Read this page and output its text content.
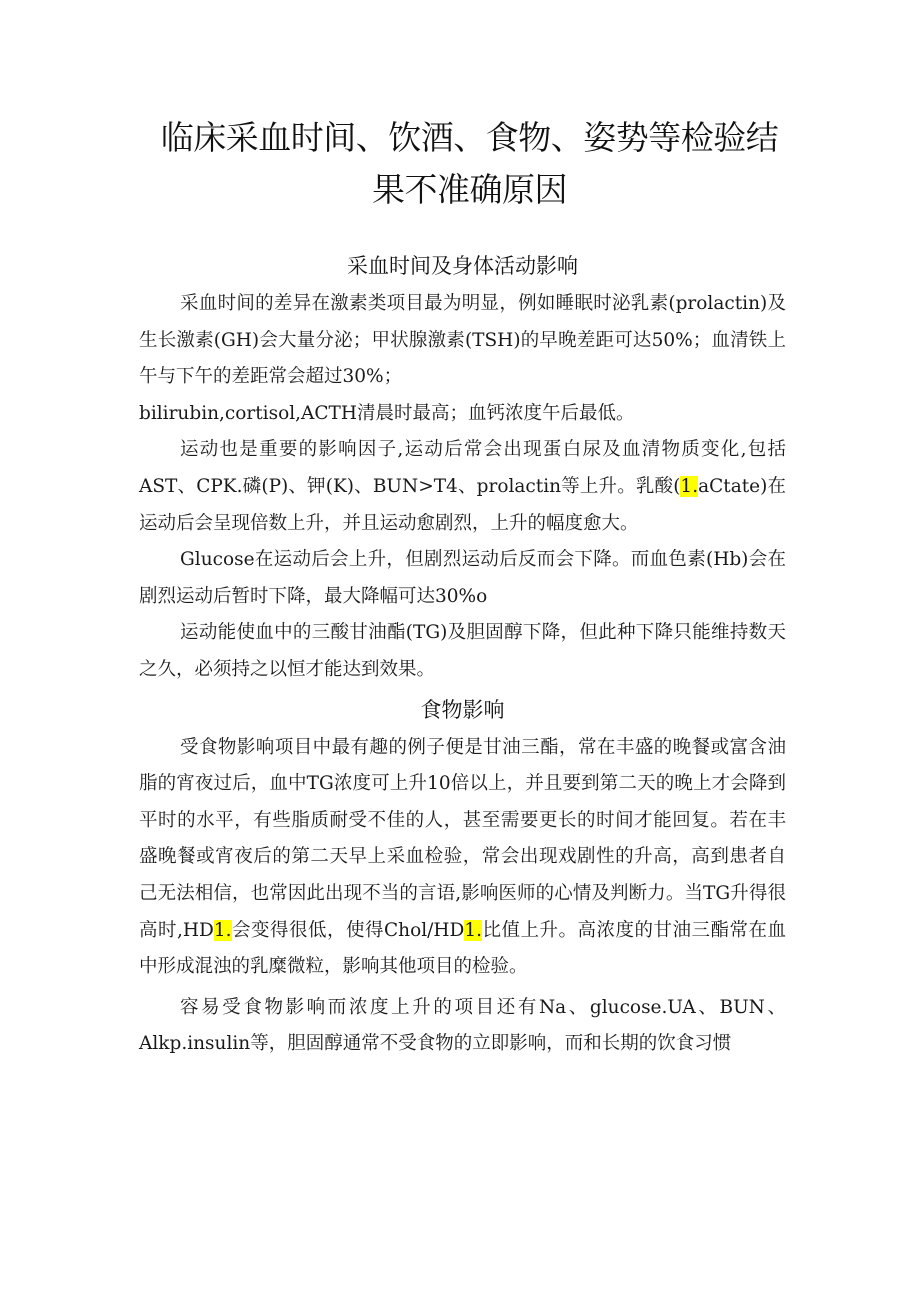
临床采血时间、饮酒、食物、姿势等检验结
果不准确原因
采血时间及身体活动影响

采血时间的差异在激素类项目最为明显，例如睡眠时泌乳素(prolactin)及生长激素(GH)会大量分泌；甲状腺激素(TSH)的早晚差距可达50%；血清铁上午与下午的差距常会超过30%；

bilirubin,cortisol,ACTH清晨时最高；血钙浓度午后最低。

运动也是重要的影响因子,运动后常会出现蛋白尿及血清物质变化,包括AST、CPK.磷(P)、钾(K)、BUN>T4、prolactin等上升。乳酸(1.aCtate)在运动后会呈现倍数上升，并且运动愈剧烈，上升的幅度愈大。

Glucose在运动后会上升，但剧烈运动后反而会下降。而血色素(Hb)会在剧烈运动后暂时下降，最大降幅可达30%o

运动能使血中的三酸甘油酯(TG)及胆固醇下降，但此种下降只能维持数天之久，必须持之以恒才能达到效果。

食物影响

受食物影响项目中最有趣的例子便是甘油三酯，常在丰盛的晚餐或富含油脂的宵夜过后，血中TG浓度可上升10倍以上，并且要到第二天的晚上才会降到平时的水平，有些脂质耐受不佳的人，甚至需要更长的时间才能回复。若在丰盛晚餐或宵夜后的第二天早上采血检验，常会出现戏剧性的升高，高到患者自己无法相信，也常因此出现不当的言语,影响医师的心情及判断力。当TG升得很高时,HD1.会变得很低，使得Chol/HD1.比值上升。高浓度的甘油三酯常在血中形成混浊的乳糜微粒，影响其他项目的检验。

容易受食物影响而浓度上升的项目还有Na、glucose.UA、BUN、Alkp.insulin等，胆固醇通常不受食物的立即影响，而和长期的饮食习惯
